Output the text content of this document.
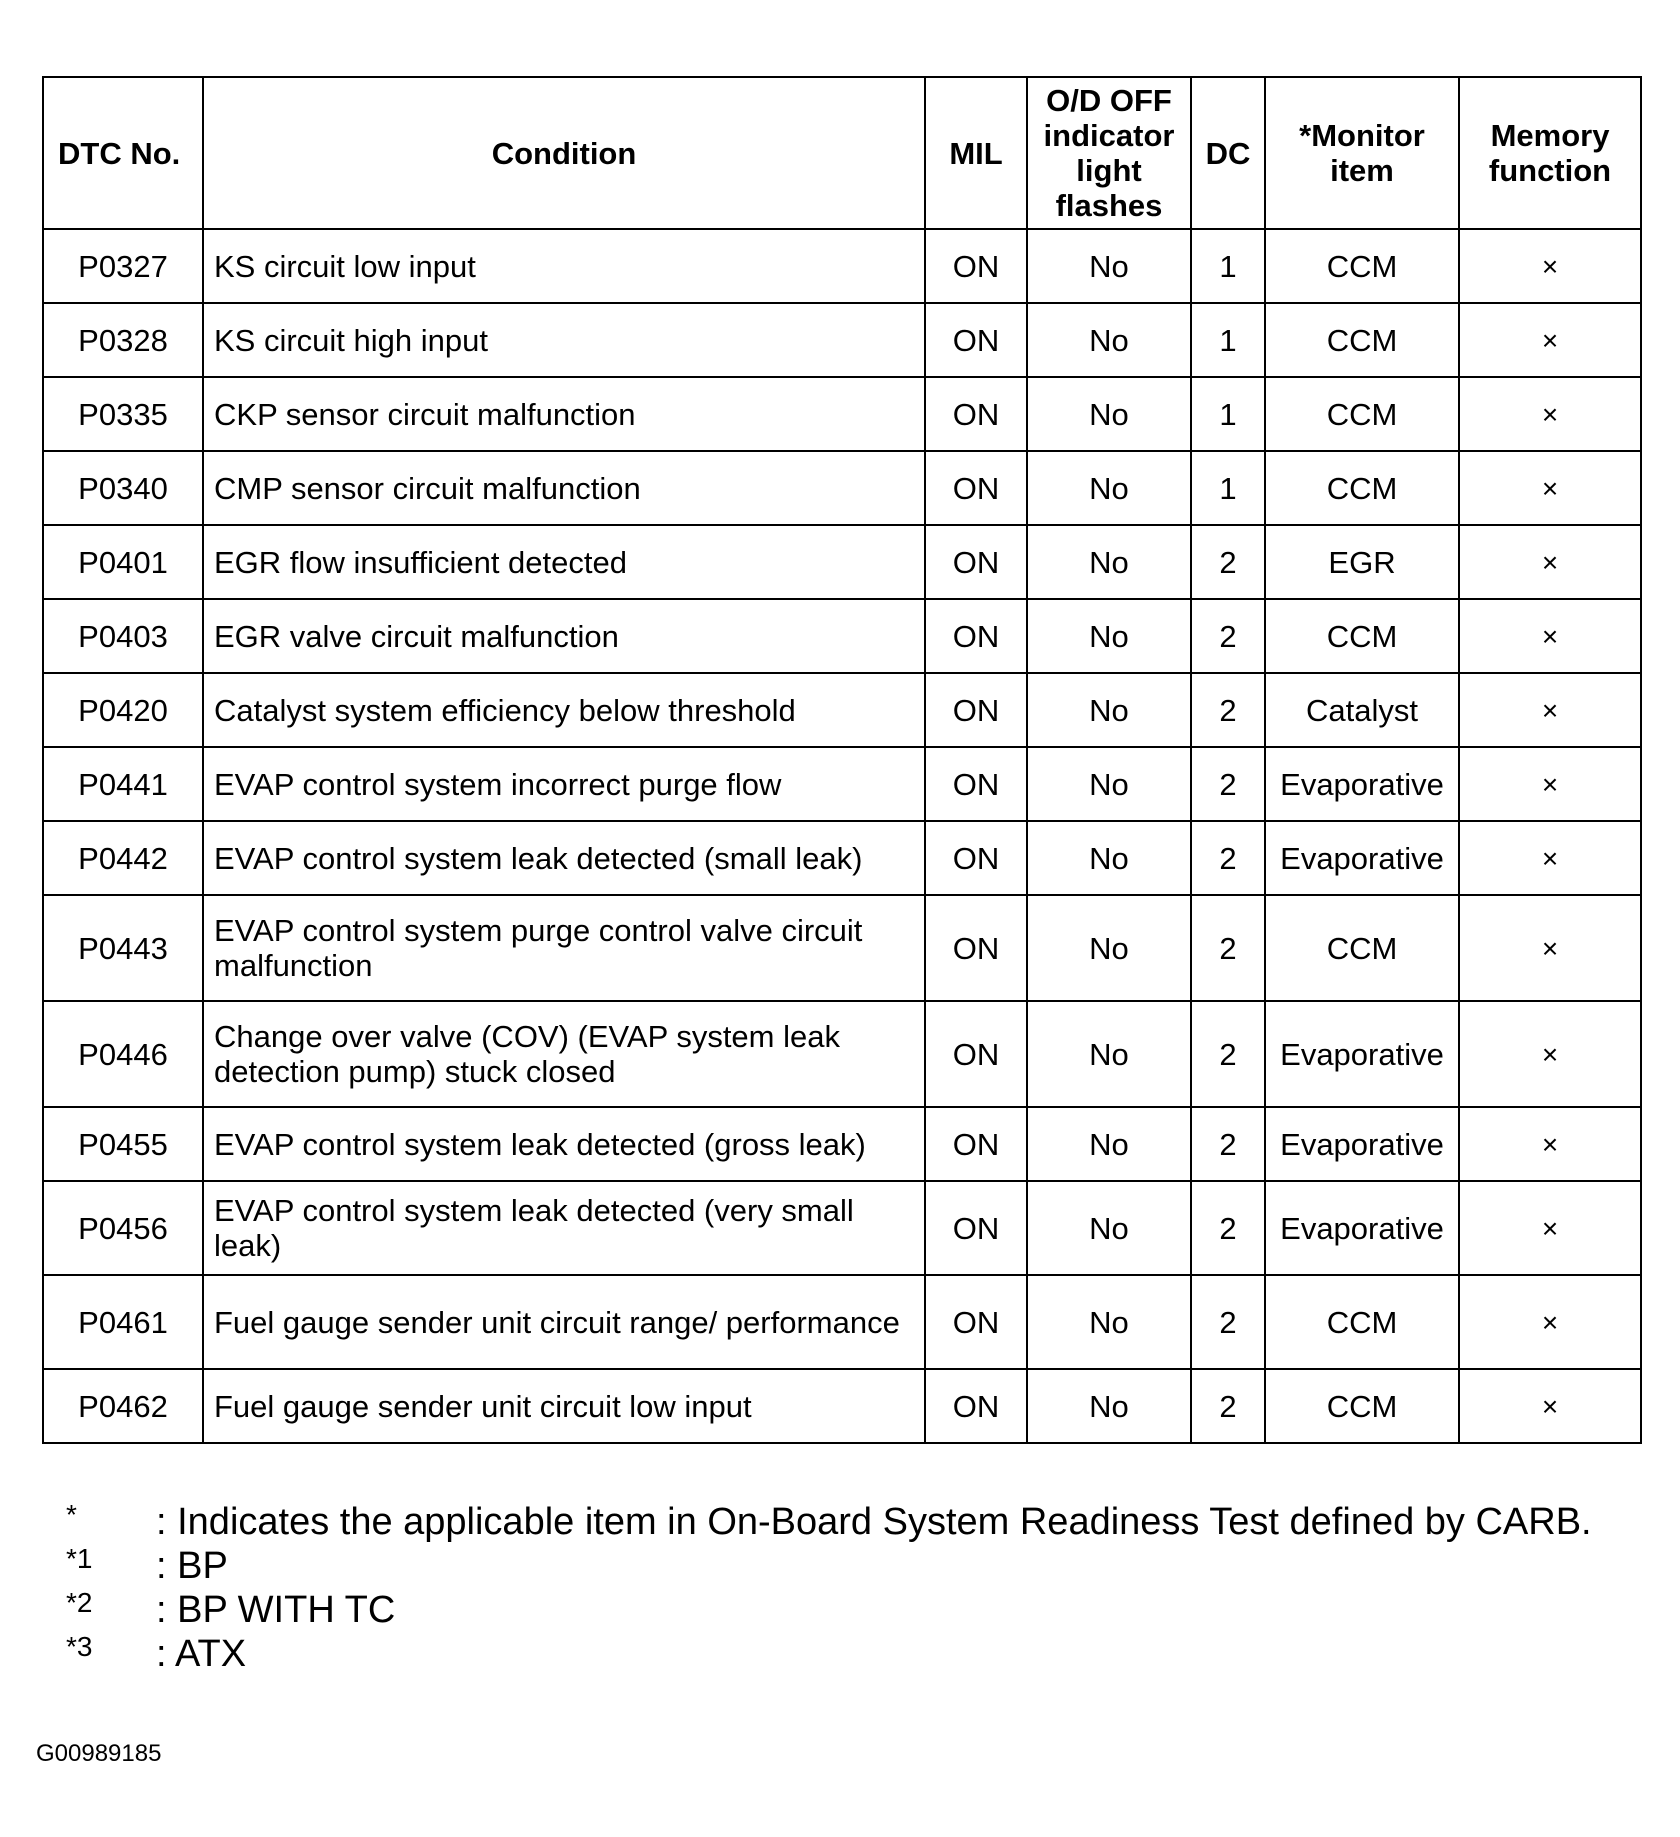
DTC No.	Condition	MIL	O/D OFF indicator light flashes	DC	*Monitor item	Memory function
P0327	KS circuit low input	ON	No	1	CCM	×
P0328	KS circuit high input	ON	No	1	CCM	×
P0335	CKP sensor circuit malfunction	ON	No	1	CCM	×
P0340	CMP sensor circuit malfunction	ON	No	1	CCM	×
P0401	EGR flow insufficient detected	ON	No	2	EGR	×
P0403	EGR valve circuit malfunction	ON	No	2	CCM	×
P0420	Catalyst system efficiency below threshold	ON	No	2	Catalyst	×
P0441	EVAP control system incorrect purge flow	ON	No	2	Evaporative	×
P0442	EVAP control system leak detected (small leak)	ON	No	2	Evaporative	×
P0443	EVAP control system purge control valve circuit malfunction	ON	No	2	CCM	×
P0446	Change over valve (COV) (EVAP system leak detection pump) stuck closed	ON	No	2	Evaporative	×
P0455	EVAP control system leak detected (gross leak)	ON	No	2	Evaporative	×
P0456	EVAP control system leak detected (very small leak)	ON	No	2	Evaporative	×
P0461	Fuel gauge sender unit circuit range/ performance	ON	No	2	CCM	×
P0462	Fuel gauge sender unit circuit low input	ON	No	2	CCM	×
*	: Indicates the applicable item in On-Board System Readiness Test defined by CARB.
*1	: BP
*2	: BP WITH TC
*3	: ATX
G00989185
